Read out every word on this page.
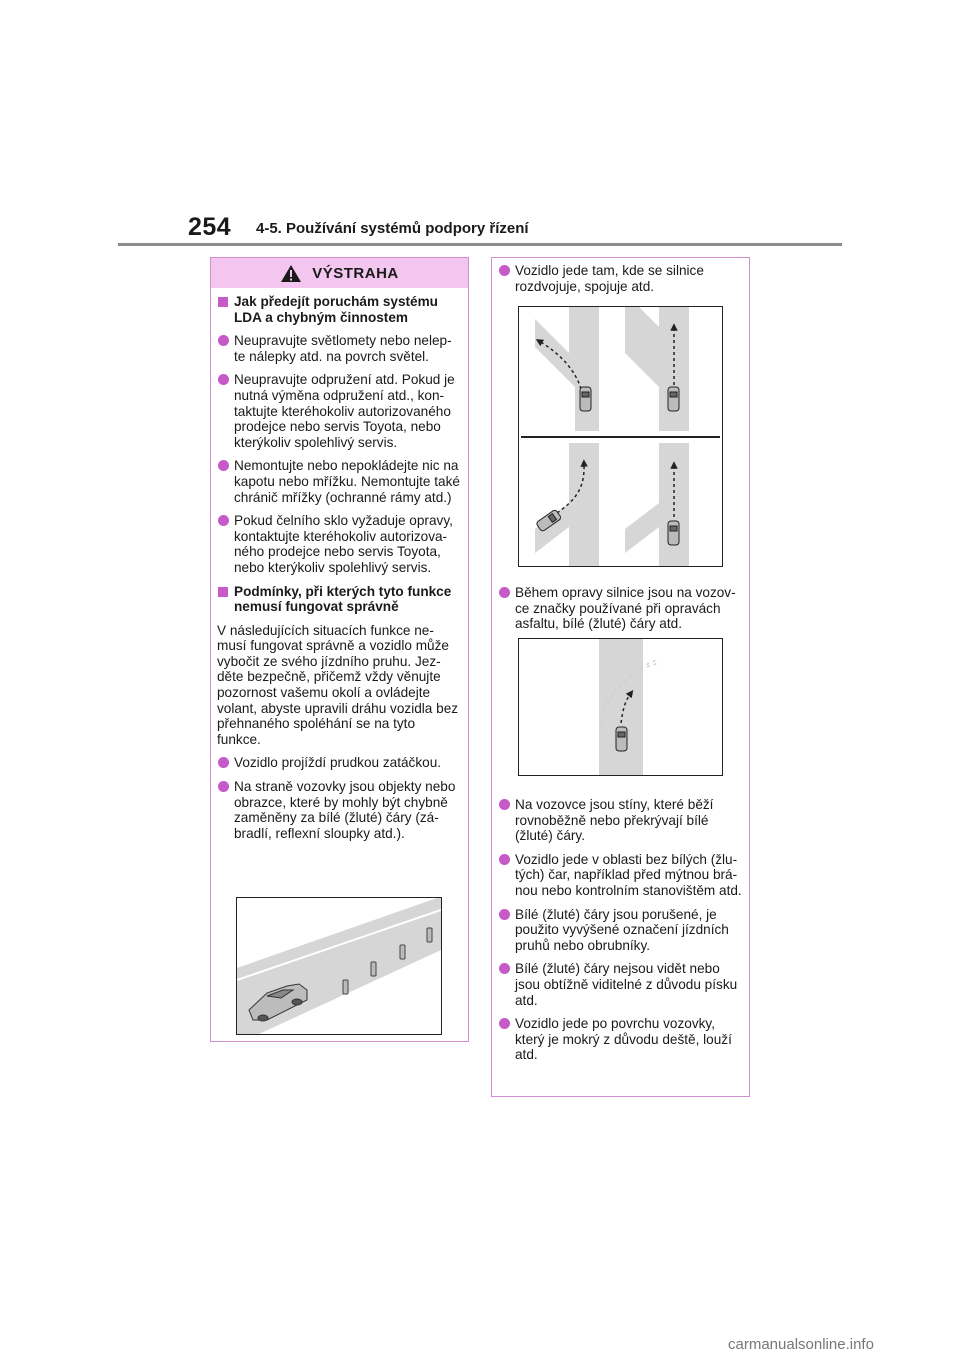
254 4-5. Používání systémů podpory řízení
VÝSTRAHA

Jak předejít poruchám systému LDA a chybným činnostem

Neupravujte světlomety nebo nelep-te nálepky atd. na povrch světel.

Neupravujte odpružení atd. Pokud je nutná výměna odpružení atd., kon-taktujte kteréhokoliv autorizovaného prodejce nebo servis Toyota, nebo kterýkoliv spolehlivý servis.

Nemontujte nebo nepokládejte nic na kapotu nebo mřížku. Nemontujte také chránič mřížky (ochranné rámy atd.)

Pokud čelního sklo vyžaduje opravy, kontaktujte kteréhokoliv autorizova-ného prodejce nebo servis Toyota, nebo kterýkoliv spolehlivý servis.

Podmínky, při kterých tyto funkce nemusí fungovat správně

V následujících situacích funkce ne-musí fungovat správně a vozidlo může vybočit ze svého jízdního pruhu. Jez-děte bezpečně, přičemž vždy věnujte pozornost vašemu okolí a ovládejte volant, abyste upravili dráhu vozidla bez přehnaného spoléhání se na tyto funkce.

Vozidlo projíždí prudkou zatáčkou.

Na straně vozovky jsou objekty nebo obrazce, které by mohly být chybně zaměněny za bílé (žluté) čáry (zá-bradlí, reflexní sloupky atd.).

Vozidlo jede tam, kde se silnice rozdvojuje, spojuje atd.

Během opravy silnice jsou na vozov-ce značky používané při opravách asfaltu, bílé (žluté) čáry atd.

Na vozovce jsou stíny, které běží rovnoběžně nebo překrývají bílé (žluté) čáry.

Vozidlo jede v oblasti bez bílých (žlu-tých) čar, například před mýtnou brá-nou nebo kontrolním stanovištěm atd.

Bílé (žluté) čáry jsou porušené, je použito vyvýšené označení jízdních pruhů nebo obrubníky.

Bílé (žluté) čáry nejsou vidět nebo jsou obtížně viditelné z důvodu písku atd.

Vozidlo jede po povrchu vozovky, který je mokrý z důvodu deště, louží atd.

carmanualsonline.info
